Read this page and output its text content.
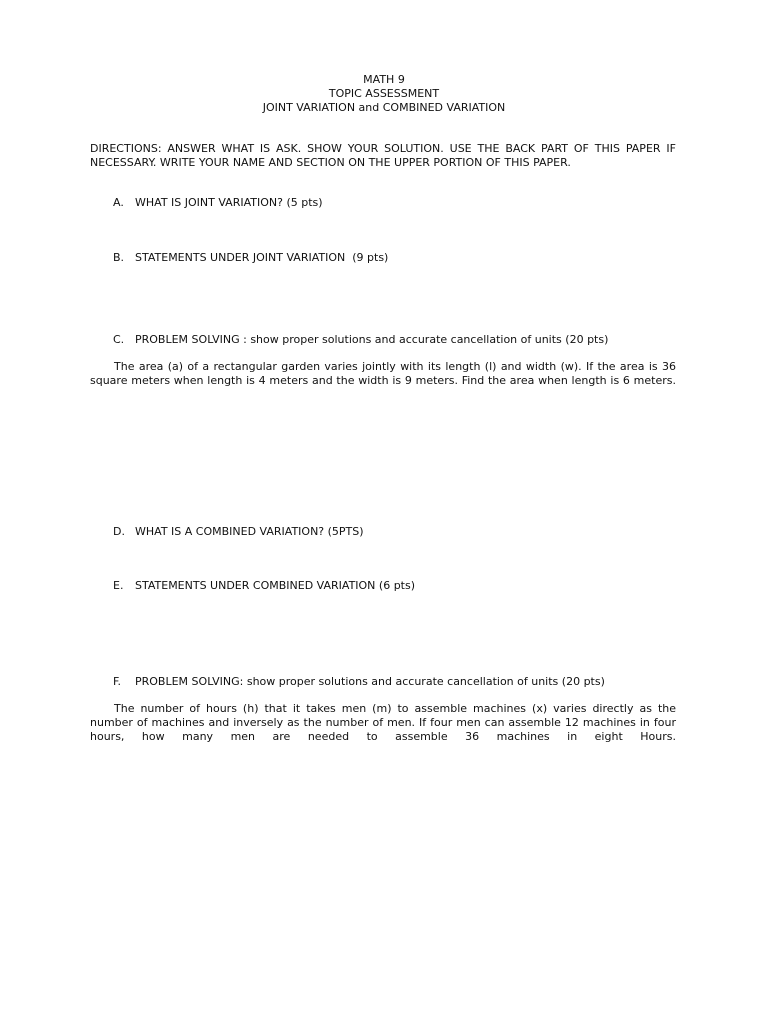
MATH 9
TOPIC ASSESSMENT
JOINT VARIATION and COMBINED VARIATION
DIRECTIONS: ANSWER WHAT IS ASK. SHOW YOUR SOLUTION. USE THE BACK PART OF THIS PAPER IF NECESSARY. WRITE YOUR NAME AND SECTION ON THE UPPER PORTION OF THIS PAPER.
A. WHAT IS JOINT VARIATION? (5 pts)
B. STATEMENTS UNDER JOINT VARIATION  (9 pts)
C. PROBLEM SOLVING : show proper solutions and accurate cancellation of units (20 pts)
The area (a) of a rectangular garden varies jointly with its length (l) and width (w). If the area is 36 square meters when length is 4 meters and the width is 9 meters. Find the area when length is 6 meters.
D. WHAT IS A COMBINED VARIATION? (5PTS)
E. STATEMENTS UNDER COMBINED VARIATION (6 pts)
F. PROBLEM SOLVING: show proper solutions and accurate cancellation of units (20 pts)
The number of hours (h) that it takes men (m) to assemble machines (x) varies directly as the number of machines and inversely as the number of men. If four men can assemble 12 machines in four hours, how many men are needed to assemble 36 machines in eight Hours.
